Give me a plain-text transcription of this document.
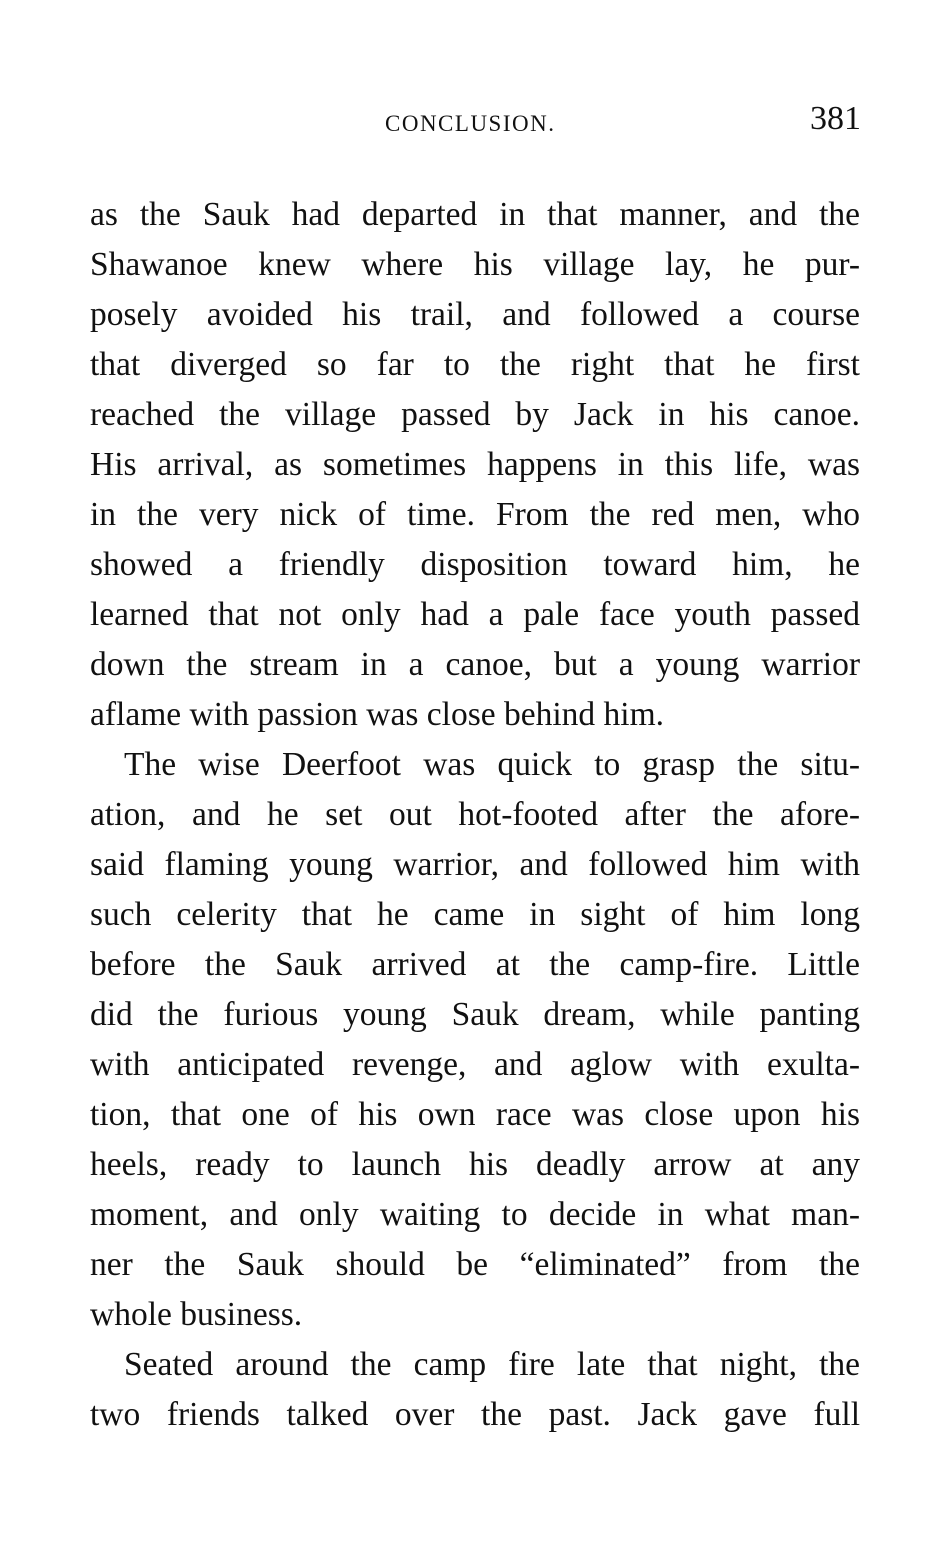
CONCLUSION.	381
as the Sauk had departed in that manner, and the
Shawanoe knew where his village lay, he pur-
posely avoided his trail, and followed a course
that diverged so far to the right that he first
reached the village passed by Jack in his canoe.
His arrival, as sometimes happens in this life, was
in the very nick of time. From the red men, who
showed a friendly disposition toward him, he
learned that not only had a pale face youth passed
down the stream in a canoe, but a young warrior
aflame with passion was close behind him.
The wise Deerfoot was quick to grasp the situ-
ation, and he set out hot-footed after the afore-
said flaming young warrior, and followed him with
such celerity that he came in sight of him long
before the Sauk arrived at the camp-fire. Little
did the furious young Sauk dream, while panting
with anticipated revenge, and aglow with exulta-
tion, that one of his own race was close upon his
heels, ready to launch his deadly arrow at any
moment, and only waiting to decide in what man-
ner the Sauk should be “eliminated” from the
whole business.
Seated around the camp fire late that night, the
two friends talked over the past. Jack gave full
